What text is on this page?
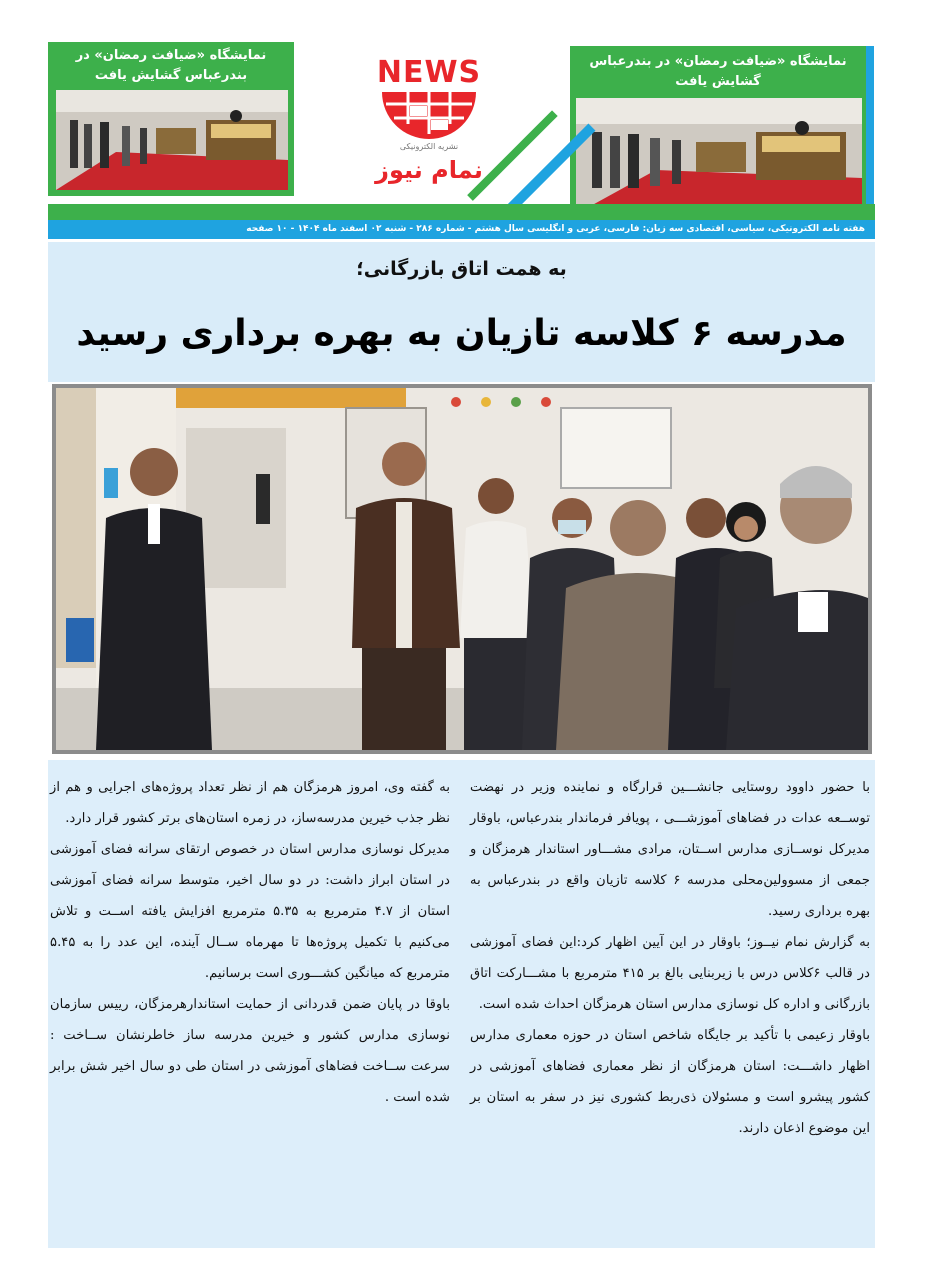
نمایشگاه «ضیافت رمضان» در بندرعباس گشایش یافت
نمایشگاه «ضیافت رمضان» در بندرعباس گشایش یافت
NEWS
نشریه الکترونیکی
نمام نیوز
هفته نامه الکترونیکی، سیاسی، اقتصادی سه زبان: فارسی، عربی و انگلیسی سال هشتم - شماره ۲۸۶ - شنبه ۰۲ اسفند ماه ۱۴۰۴ - ۱۰ صفحه
به همت اتاق بازرگانی؛
مدرسه ۶ کلاسه تازیان به بهره برداری رسید

با حضور داوود روستایی جانشـــین قرارگاه و نماینده وزیر در نهضت توســعه عدات در فضاهای آموزشـــی ، پویافر فرماندار بندرعباس، باوقار مدیرکل نوســازی مدارس اســتان، مرادی مشـــاور استاندار هرمزگان و جمعی از مسوولین‌محلی مدرسه ۶ کلاسه تازیان واقع در بندرعباس به بهره برداری رسید.

به گزارش نمام نیــوز؛ باوقار در این آیین اظهار کرد:این فضای آموزشی در قالب ۶کلاس درس با زیربنایی بالغ بر ۴۱۵ مترمربع با مشـــارکت اتاق بازرگانی و اداره کل نوسازی مدارس استان هرمزگان احداث شده است.

باوقار زعیمی با تأکید بر جایگاه شاخص استان در حوزه معماری مدارس اظهار داشـــت: استان هرمزگان از نظر معماری فضاهای آموزشی در کشور پیشرو است و مسئولان ذی‌ربط کشوری نیز در سفر به استان بر این موضوع اذعان دارند.

به گفته وی، امروز هرمزگان هم از نظر تعداد پروژه‌های اجرایی و هم از نظر جذب خیرین مدرسه‌ساز، در زمره استان‌های برتر کشور قرار دارد.

مدیرکل نوسازی مدارس استان در خصوص ارتقای سرانه فضای آموزشی در استان ابراز داشت: در دو سال اخیر، متوسط سرانه فضای آموزشی استان از ۴.۷ مترمربع به ۵.۳۵ مترمربع افزایش یافته اســت و تلاش می‌کنیم با تکمیل پروژه‌ها تا مهرماه ســال آینده، این عدد را به ۵.۴۵ مترمربع که میانگین کشـــوری است برسانیم.

باوقا در پایان ضمن قدردانی از حمایت استاندارهرمزگان، رییس سازمان نوسازی مدارس کشور و خیرین مدرسه ساز خاطرنشان ســاخت : سرعت ســاخت فضاهای آموزشی در استان طی دو سال اخیر شش برابر شده است .
